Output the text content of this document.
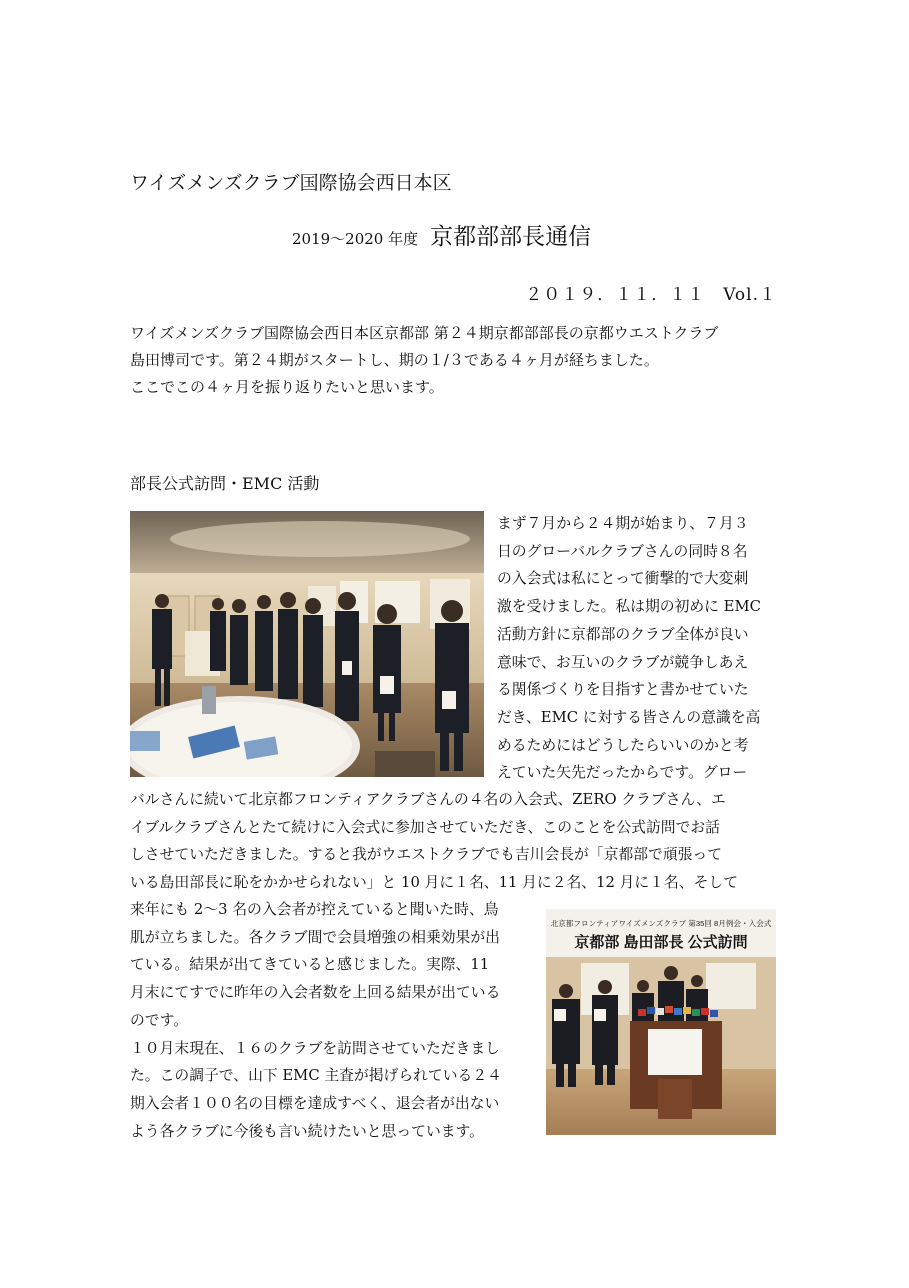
ワイズメンズクラブ国際協会西日本区
2019〜2020 年度 京都部部長通信
２０１９．１１．１１　Vol.１

ワイズメンズクラブ国際協会西日本区京都部 第２４期京都部部長の京都ウエストクラブ

島田博司です。第２４期がスタートし、期の１/３である４ヶ月が経ちました。

ここでこの４ヶ月を振り返りたいと思います。

部長公式訪問・EMC 活動

まず７月から２４期が始まり、７月３

日のグローバルクラブさんの同時８名

の入会式は私にとって衝撃的で大変刺

激を受けました。私は期の初めに EMC

活動方針に京都部のクラブ全体が良い

意味で、お互いのクラブが競争しあえ

る関係づくりを目指すと書かせていた

だき、EMC に対する皆さんの意識を高

めるためにはどうしたらいいのかと考

えていた矢先だったからです。グロー

バルさんに続いて北京都フロンティアクラブさんの４名の入会式、ZERO クラブさん、エ

イブルクラブさんとたて続けに入会式に参加させていただき、このことを公式訪問でお話

しさせていただきました。すると我がウエストクラブでも吉川会長が「京都部で頑張って

いる島田部長に恥をかかせられない」と 10 月に１名、11 月に２名、12 月に１名、そして

来年にも 2〜3 名の入会者が控えていると聞いた時、鳥

肌が立ちました。各クラブ間で会員増強の相乗効果が出

ている。結果が出てきていると感じました。実際、11

月末にてすでに昨年の入会者数を上回る結果が出ている

のです。

１０月末現在、１６のクラブを訪問させていただきまし

た。この調子で、山下 EMC 主査が掲げられている２４

期入会者１００名の目標を達成すべく、退会者が出ない

よう各クラブに今後も言い続けたいと思っています。

北京都フロンティアワイズメンズクラブ 第35回 8月例会・入会式
京都部 島田部長 公式訪問
